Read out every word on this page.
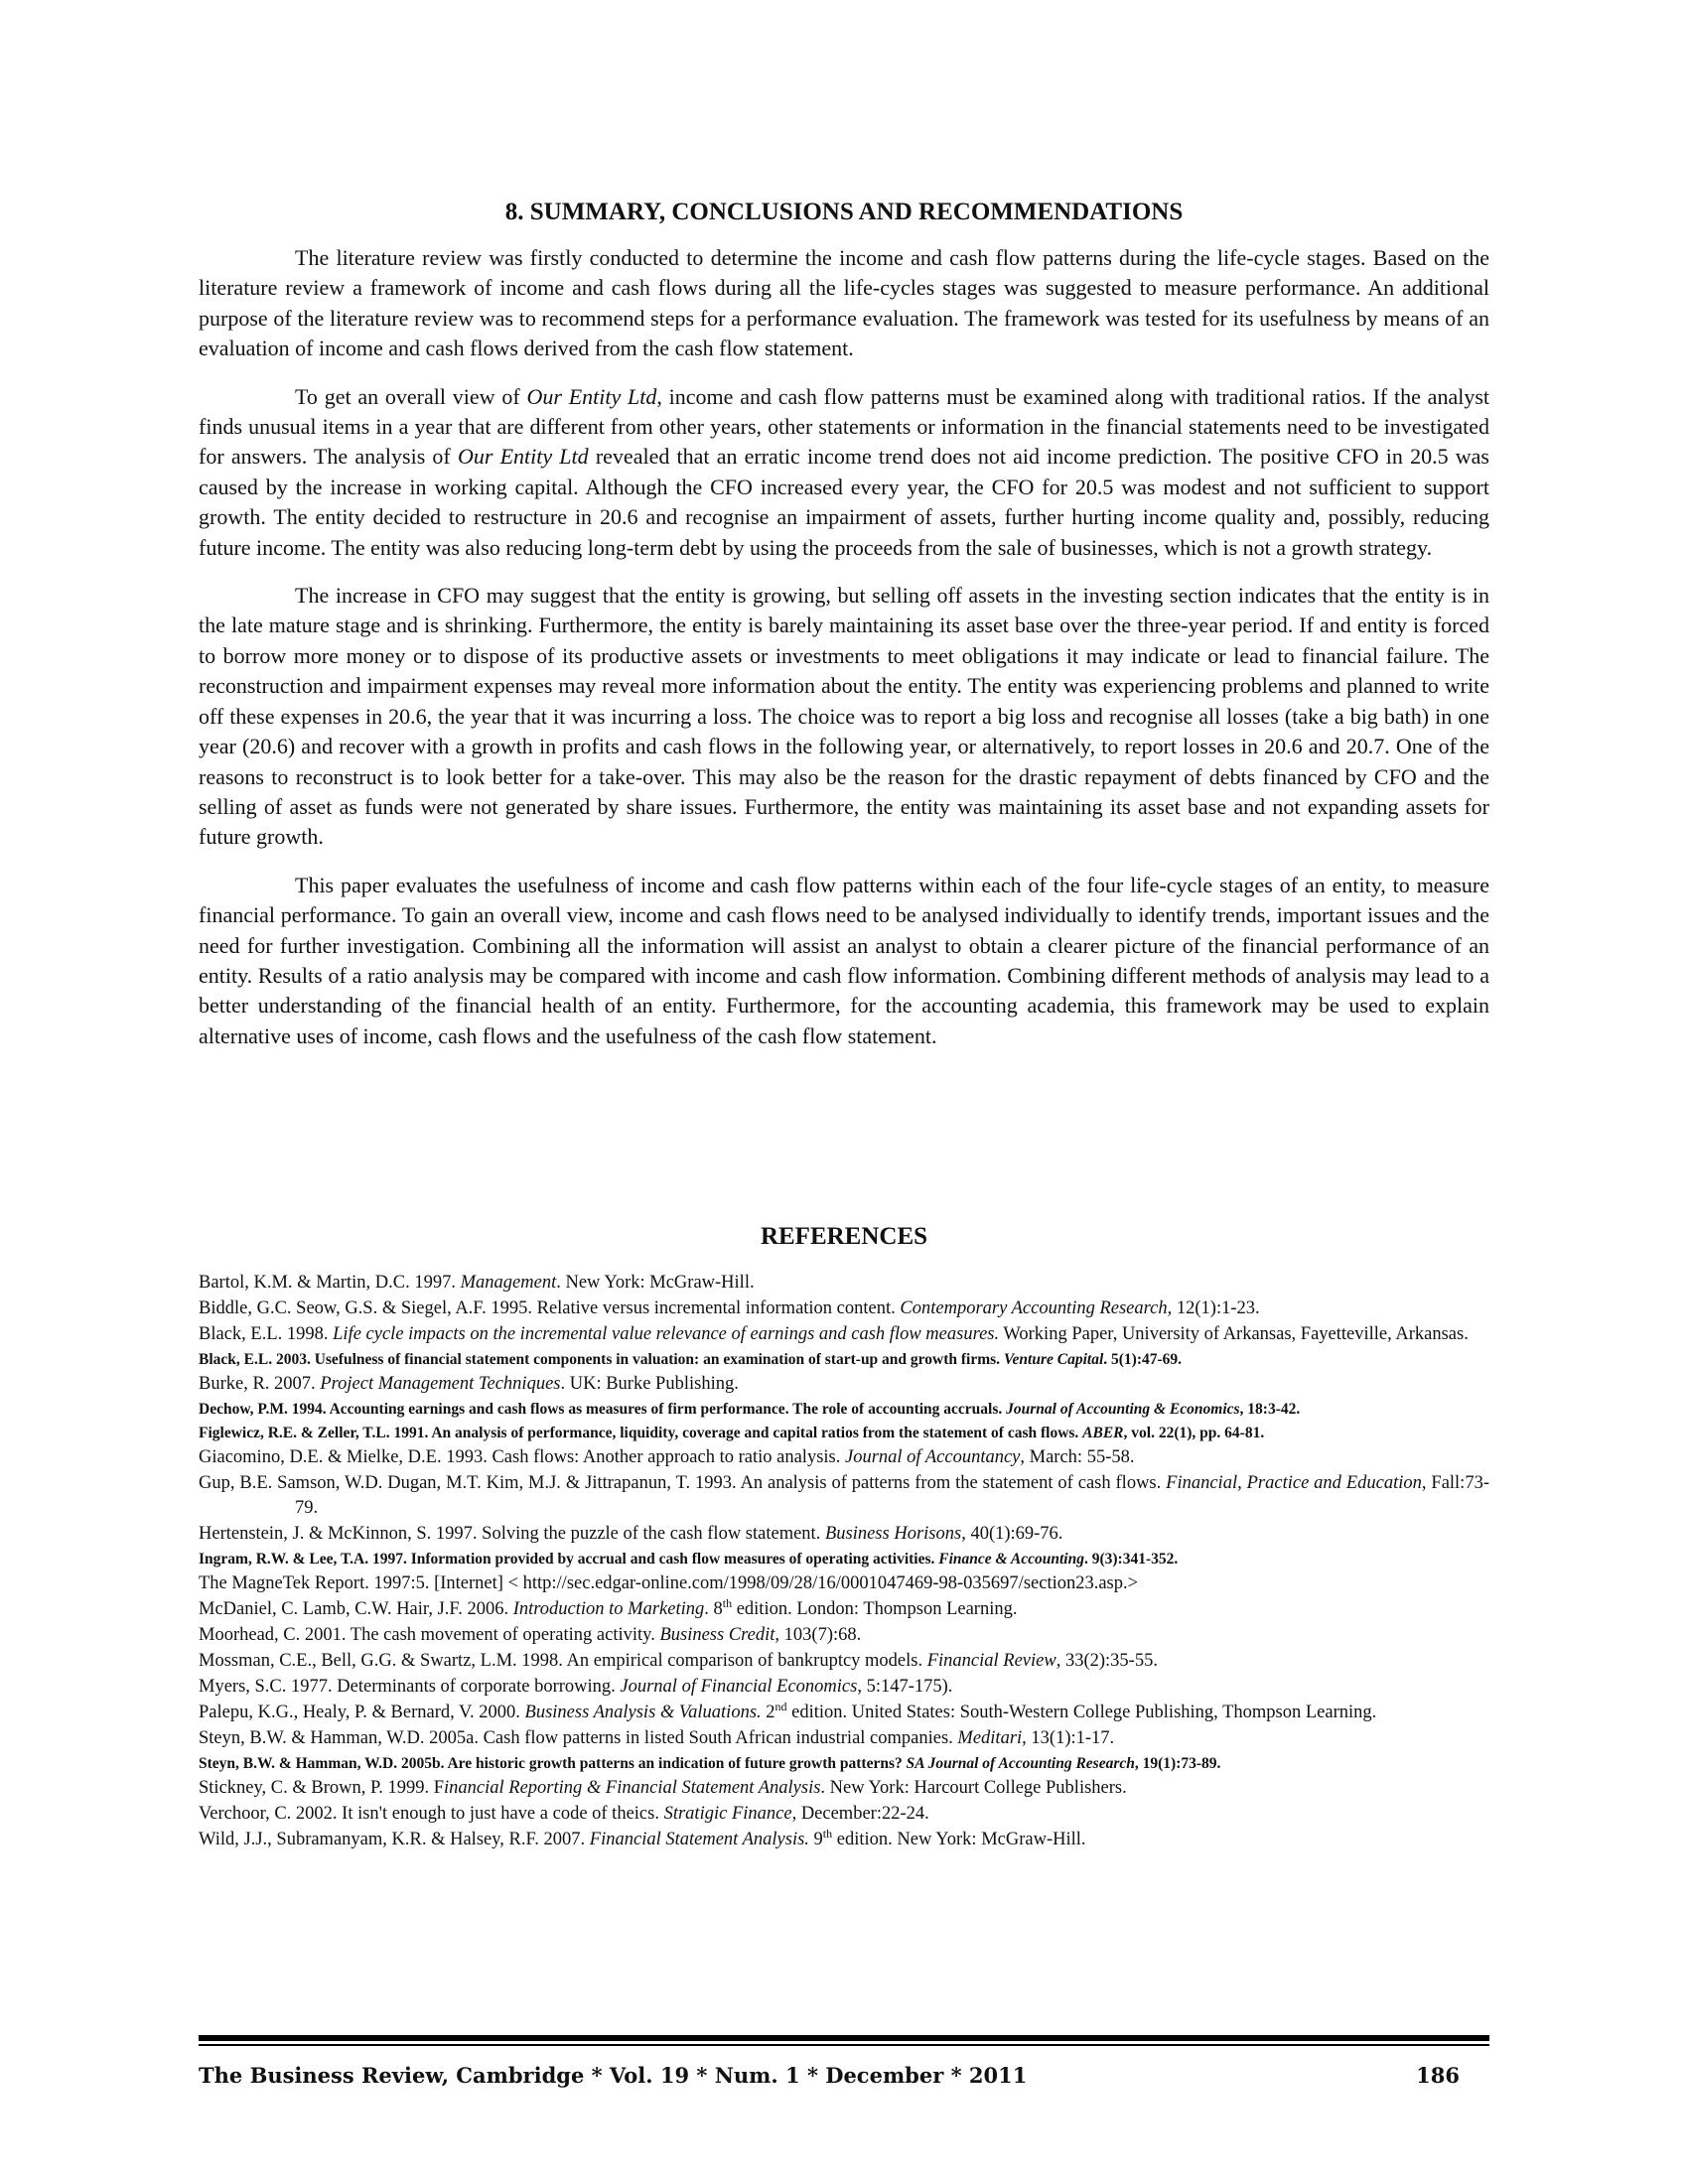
8. SUMMARY, CONCLUSIONS AND RECOMMENDATIONS

The literature review was firstly conducted to determine the income and cash flow patterns during the life-cycle stages. Based on the literature review a framework of income and cash flows during all the life-cycles stages was suggested to measure performance. An additional purpose of the literature review was to recommend steps for a performance evaluation. The framework was tested for its usefulness by means of an evaluation of income and cash flows derived from the cash flow statement.

To get an overall view of Our Entity Ltd, income and cash flow patterns must be examined along with traditional ratios. If the analyst finds unusual items in a year that are different from other years, other statements or information in the financial statements need to be investigated for answers. The analysis of Our Entity Ltd revealed that an erratic income trend does not aid income prediction. The positive CFO in 20.5 was caused by the increase in working capital. Although the CFO increased every year, the CFO for 20.5 was modest and not sufficient to support growth. The entity decided to restructure in 20.6 and recognise an impairment of assets, further hurting income quality and, possibly, reducing future income. The entity was also reducing long-term debt by using the proceeds from the sale of businesses, which is not a growth strategy.

The increase in CFO may suggest that the entity is growing, but selling off assets in the investing section indicates that the entity is in the late mature stage and is shrinking. Furthermore, the entity is barely maintaining its asset base over the three-year period. If and entity is forced to borrow more money or to dispose of its productive assets or investments to meet obligations it may indicate or lead to financial failure. The reconstruction and impairment expenses may reveal more information about the entity. The entity was experiencing problems and planned to write off these expenses in 20.6, the year that it was incurring a loss. The choice was to report a big loss and recognise all losses (take a big bath) in one year (20.6) and recover with a growth in profits and cash flows in the following year, or alternatively, to report losses in 20.6 and 20.7. One of the reasons to reconstruct is to look better for a take-over. This may also be the reason for the drastic repayment of debts financed by CFO and the selling of asset as funds were not generated by share issues. Furthermore, the entity was maintaining its asset base and not expanding assets for future growth.

This paper evaluates the usefulness of income and cash flow patterns within each of the four life-cycle stages of an entity, to measure financial performance. To gain an overall view, income and cash flows need to be analysed individually to identify trends, important issues and the need for further investigation. Combining all the information will assist an analyst to obtain a clearer picture of the financial performance of an entity. Results of a ratio analysis may be compared with income and cash flow information. Combining different methods of analysis may lead to a better understanding of the financial health of an entity. Furthermore, for the accounting academia, this framework may be used to explain alternative uses of income, cash flows and the usefulness of the cash flow statement.

REFERENCES
Bartol, K.M. & Martin, D.C. 1997. Management. New York: McGraw-Hill.
Biddle, G.C. Seow, G.S. & Siegel, A.F. 1995. Relative versus incremental information content. Contemporary Accounting Research, 12(1):1-23.
Black, E.L. 1998. Life cycle impacts on the incremental value relevance of earnings and cash flow measures. Working Paper, University of Arkansas, Fayetteville, Arkansas.
Black, E.L. 2003. Usefulness of financial statement components in valuation: an examination of start-up and growth firms. Venture Capital. 5(1):47-69.
Burke, R. 2007. Project Management Techniques. UK: Burke Publishing.
Dechow, P.M. 1994. Accounting earnings and cash flows as measures of firm performance. The role of accounting accruals. Journal of Accounting & Economics, 18:3-42.
Figlewicz, R.E. & Zeller, T.L. 1991. An analysis of performance, liquidity, coverage and capital ratios from the statement of cash flows. ABER, vol. 22(1), pp. 64-81.
Giacomino, D.E. & Mielke, D.E. 1993. Cash flows: Another approach to ratio analysis. Journal of Accountancy, March: 55-58.
Gup, B.E. Samson, W.D. Dugan, M.T. Kim, M.J. & Jittrapanun, T. 1993. An analysis of patterns from the statement of cash flows. Financial, Practice and Education, Fall:73-79.
Hertenstein, J. & McKinnon, S. 1997. Solving the puzzle of the cash flow statement. Business Horisons, 40(1):69-76.
Ingram, R.W. & Lee, T.A. 1997. Information provided by accrual and cash flow measures of operating activities. Finance & Accounting. 9(3):341-352.
The MagneTek Report. 1997:5. [Internet] < http://sec.edgar-online.com/1998/09/28/16/0001047469-98-035697/section23.asp.>
McDaniel, C. Lamb, C.W. Hair, J.F. 2006. Introduction to Marketing. 8th edition. London: Thompson Learning.
Moorhead, C. 2001. The cash movement of operating activity. Business Credit, 103(7):68.
Mossman, C.E., Bell, G.G. & Swartz, L.M. 1998. An empirical comparison of bankruptcy models. Financial Review, 33(2):35-55.
Myers, S.C. 1977. Determinants of corporate borrowing. Journal of Financial Economics, 5:147-175).
Palepu, K.G., Healy, P. & Bernard, V. 2000. Business Analysis & Valuations. 2nd edition. United States: South-Western College Publishing, Thompson Learning.
Steyn, B.W. & Hamman, W.D. 2005a. Cash flow patterns in listed South African industrial companies. Meditari, 13(1):1-17.
Steyn, B.W. & Hamman, W.D. 2005b. Are historic growth patterns an indication of future growth patterns? SA Journal of Accounting Research, 19(1):73-89.
Stickney, C. & Brown, P. 1999. Financial Reporting & Financial Statement Analysis. New York: Harcourt College Publishers.
Verchoor, C. 2002. It isn't enough to just have a code of theics. Stratigic Finance, December:22-24.
Wild, J.J., Subramanyam, K.R. & Halsey, R.F. 2007. Financial Statement Analysis. 9th edition. New York: McGraw-Hill.
The Business Review, Cambridge * Vol. 19 * Num. 1 * December * 2011	186
